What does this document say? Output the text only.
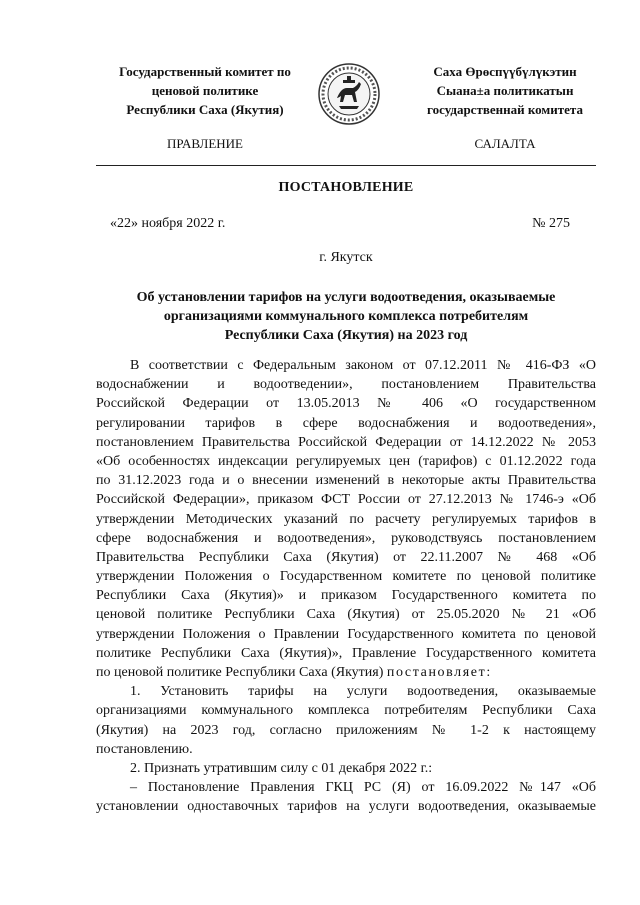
Государственный комитет по
ценовой политике
Республики Саха (Якутия)
Саха Өрөспүүбүлүкэтин
Сыана±а политикатын
государственнай комитета
ПРАВЛЕНИЕ	САЛАЛТА
ПОСТАНОВЛЕНИЕ
«22» ноября 2022 г.	№ 275
г. Якутск
Об установлении тарифов на услуги водоотведения, оказываемые
организациями коммунального комплекса потребителям
Республики Саха (Якутия) на 2023 год
В соответствии с Федеральным законом от 07.12.2011 № 416-ФЗ «О
водоснабжении и водоотведении», постановлением Правительства
Российской Федерации от 13.05.2013 № 406 «О государственном
регулировании тарифов в сфере водоснабжения и водоотведения»,
постановлением Правительства Российской Федерации от 14.12.2022 № 2053
«Об особенностях индексации регулируемых цен (тарифов) с 01.12.2022 года
по 31.12.2023 года и о внесении изменений в некоторые акты Правительства
Российской Федерации», приказом ФСТ России от 27.12.2013 № 1746-э «Об
утверждении Методических указаний по расчету регулируемых тарифов в
сфере водоснабжения и водоотведения», руководствуясь постановлением
Правительства Республики Саха (Якутия) от 22.11.2007 № 468 «Об
утверждении Положения о Государственном комитете по ценовой политике
Республики Саха (Якутия)» и приказом Государственного комитета по
ценовой политике Республики Саха (Якутия) от 25.05.2020 № 21 «Об
утверждении Положения о Правлении Государственного комитета по ценовой
политике Республики Саха (Якутия)», Правление Государственного комитета
по ценовой политике Республики Саха (Якутия) постановляет:
1. Установить тарифы на услуги водоотведения, оказываемые
организациями коммунального комплекса потребителям Республики Саха
(Якутия) на 2023 год, согласно приложениям № 1-2 к настоящему
постановлению.
2. Признать утратившим силу с 01 декабря 2022 г.:
– Постановление Правления ГКЦ РС (Я) от 16.09.2022 №147 «Об
установлении одноставочных тарифов на услуги водоотведения, оказываемые
